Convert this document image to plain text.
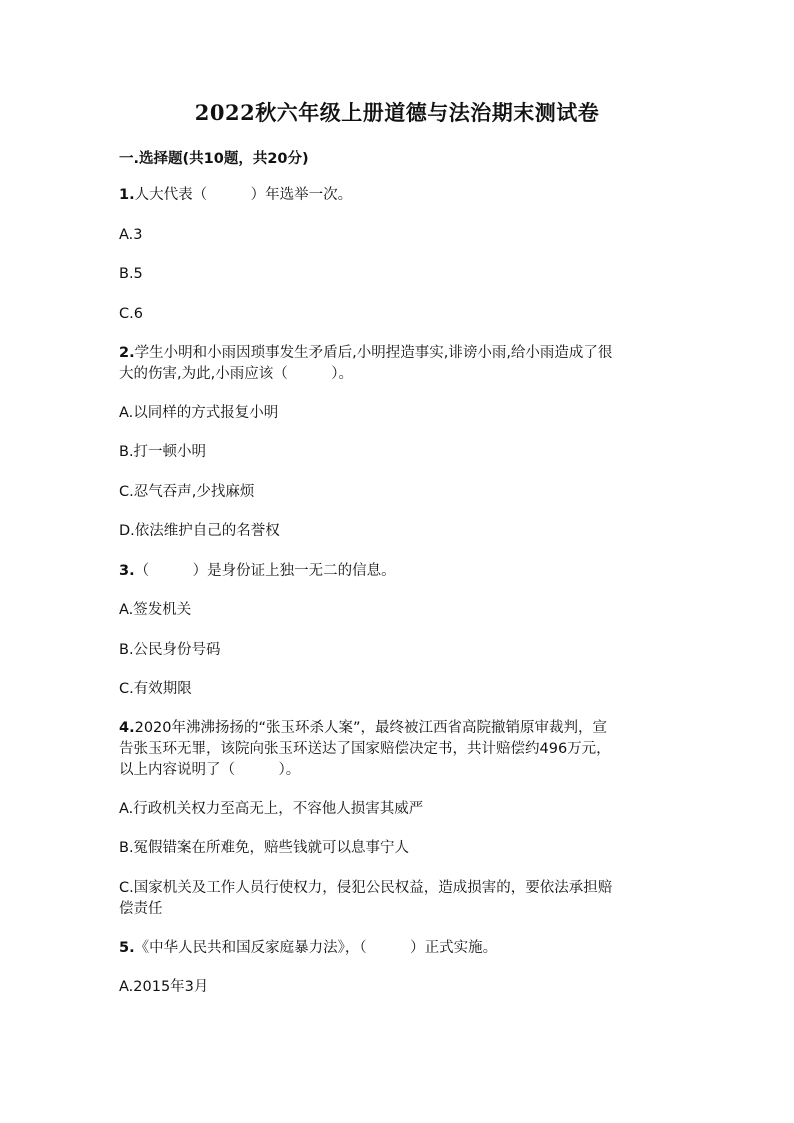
2022秋六年级上册道德与法治期末测试卷
一.选择题(共10题，共20分)
1.人大代表（　　　）年选举一次。
A.3
B.5
C.6
2.学生小明和小雨因琐事发生矛盾后,小明捏造事实,诽谤小雨,给小雨造成了很
大的伤害,为此,小雨应该（　　　）。
A.以同样的方式报复小明
B.打一顿小明
C.忍气吞声,少找麻烦
D.依法维护自己的名誉权
3.（　　　）是身份证上独一无二的信息。
A.签发机关
B.公民身份号码
C.有效期限
4.2020年沸沸扬扬的“张玉环杀人案”，最终被江西省高院撤销原审裁判，宣
告张玉环无罪，该院向张玉环送达了国家赔偿决定书，共计赔偿约496万元，
以上内容说明了（　　　）。
A.行政机关权力至高无上，不容他人损害其威严
B.冤假错案在所难免，赔些钱就可以息事宁人
C.国家机关及工作人员行使权力，侵犯公民权益，造成损害的，要依法承担赔
偿责任
5.《中华人民共和国反家庭暴力法》，（　　　）正式实施。
A.2015年3月
